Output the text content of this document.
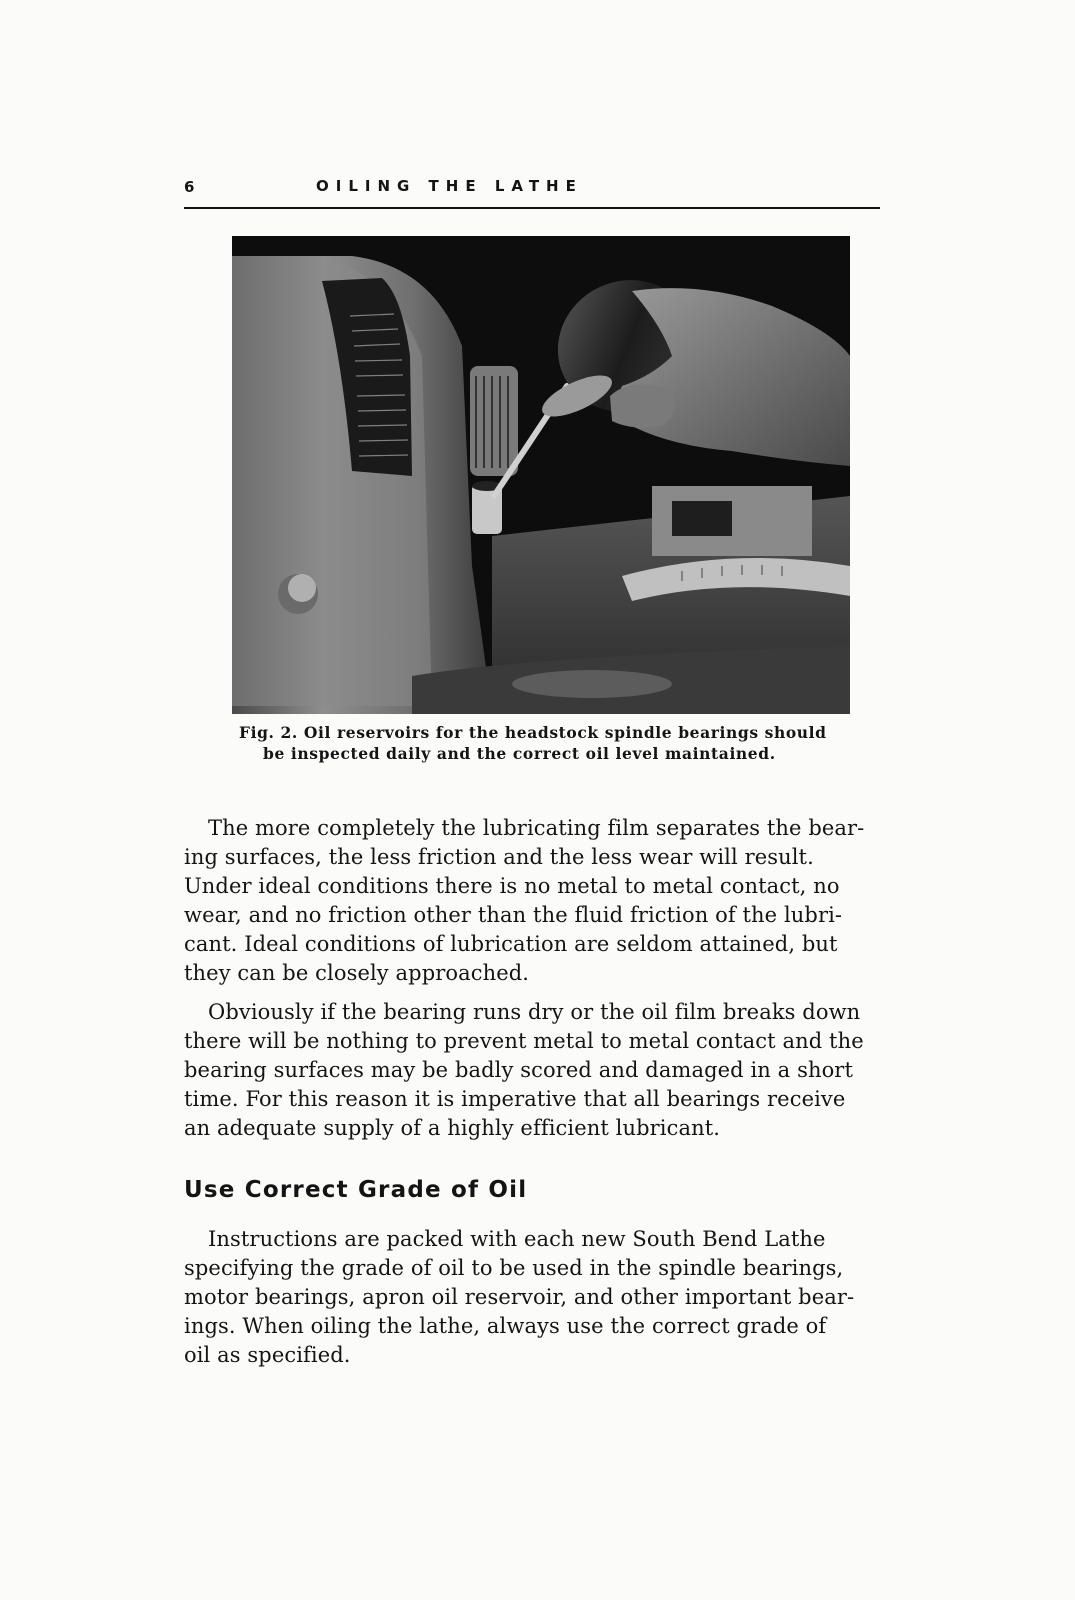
6	OILING THE LATHE
Fig. 2. Oil reservoirs for the headstock spindle bearings should
be inspected daily and the correct oil level maintained.
The more completely the lubricating film separates the bear-
ing surfaces, the less friction and the less wear will result.
Under ideal conditions there is no metal to metal contact, no
wear, and no friction other than the fluid friction of the lubri-
cant. Ideal conditions of lubrication are seldom attained, but
they can be closely approached.
Obviously if the bearing runs dry or the oil film breaks down
there will be nothing to prevent metal to metal contact and the
bearing surfaces may be badly scored and damaged in a short
time. For this reason it is imperative that all bearings receive
an adequate supply of a highly efficient lubricant.
Use Correct Grade of Oil
Instructions are packed with each new South Bend Lathe
specifying the grade of oil to be used in the spindle bearings,
motor bearings, apron oil reservoir, and other important bear-
ings. When oiling the lathe, always use the correct grade of
oil as specified.
